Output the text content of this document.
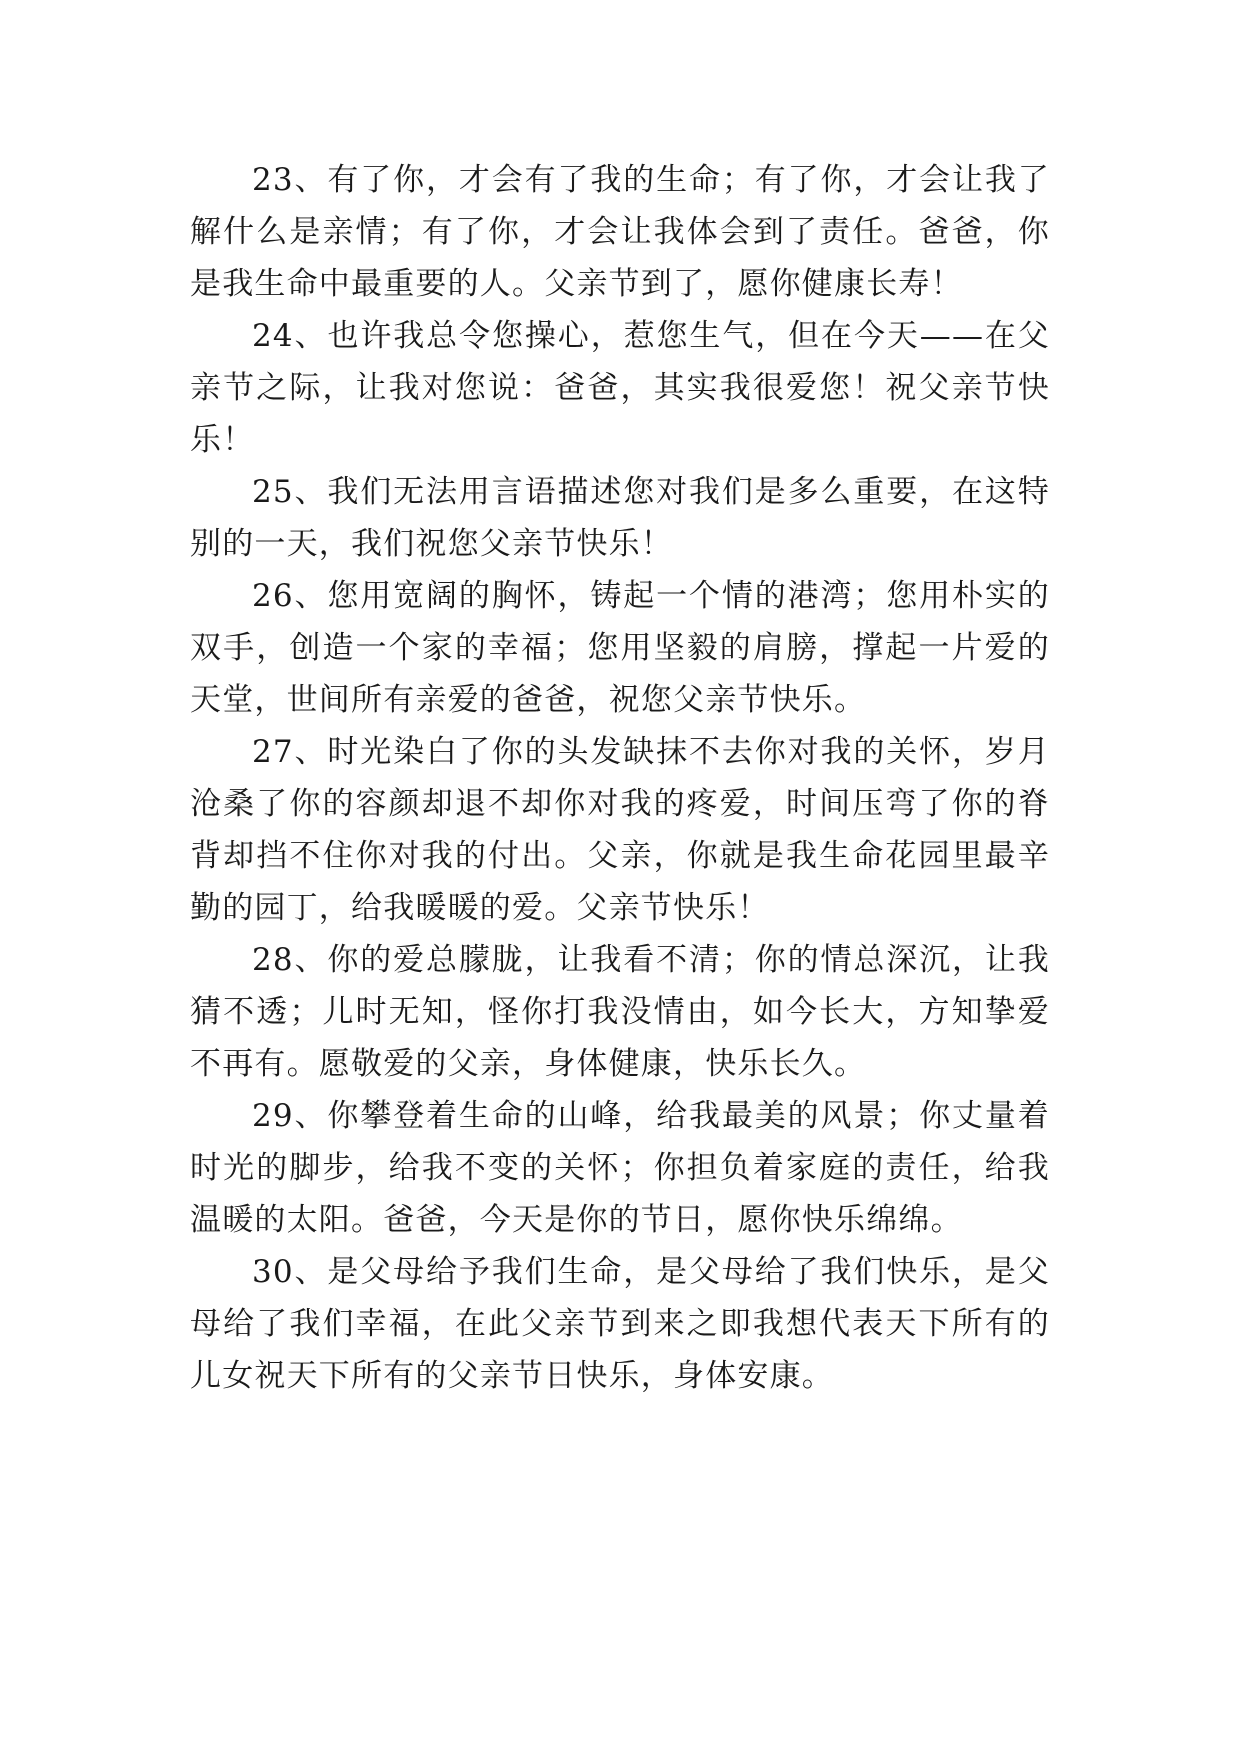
23、有了你，才会有了我的生命；有了你，才会让我了解什么是亲情；有了你，才会让我体会到了责任。爸爸，你是我生命中最重要的人。父亲节到了，愿你健康长寿！

24、也许我总令您操心，惹您生气，但在今天——在父亲节之际，让我对您说：爸爸，其实我很爱您！祝父亲节快乐！

25、我们无法用言语描述您对我们是多么重要，在这特别的一天，我们祝您父亲节快乐！

26、您用宽阔的胸怀，铸起一个情的港湾；您用朴实的双手，创造一个家的幸福；您用坚毅的肩膀，撑起一片爱的天堂，世间所有亲爱的爸爸，祝您父亲节快乐。

27、时光染白了你的头发缺抹不去你对我的关怀，岁月沧桑了你的容颜却退不却你对我的疼爱，时间压弯了你的脊背却挡不住你对我的付出。父亲，你就是我生命花园里最辛勤的园丁，给我暖暖的爱。父亲节快乐！

28、你的爱总朦胧，让我看不清；你的情总深沉，让我猜不透；儿时无知，怪你打我没情由，如今长大，方知挚爱不再有。愿敬爱的父亲，身体健康，快乐长久。

29、你攀登着生命的山峰，给我最美的风景；你丈量着时光的脚步，给我不变的关怀；你担负着家庭的责任，给我温暖的太阳。爸爸，今天是你的节日，愿你快乐绵绵。

30、是父母给予我们生命，是父母给了我们快乐，是父母给了我们幸福，在此父亲节到来之即我想代表天下所有的儿女祝天下所有的父亲节日快乐，身体安康。
